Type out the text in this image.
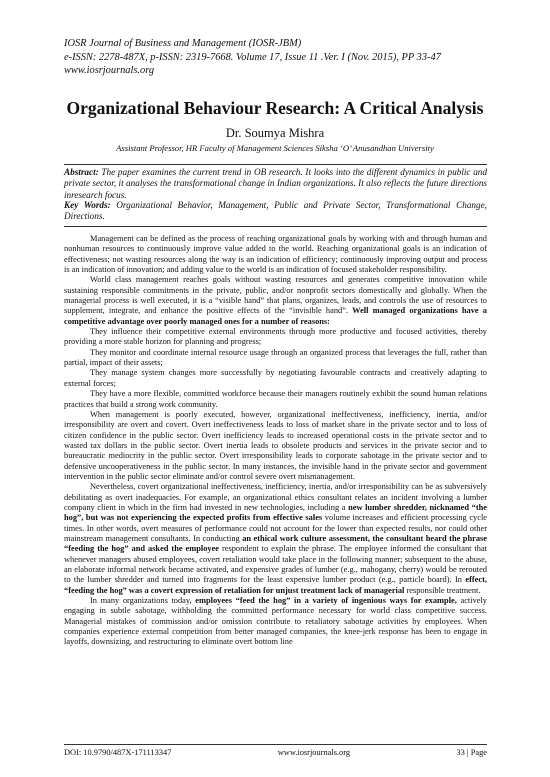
IOSR Journal of Business and Management (IOSR-JBM)
e-ISSN: 2278-487X, p-ISSN: 2319-7668. Volume 17, Issue 11 .Ver. I (Nov. 2015), PP 33-47
www.iosrjournals.org
Organizational Behaviour Research: A Critical Analysis
Dr. Soumya Mishra
Assistant Professor, HR Faculty of Management Sciences Siksha ‘O’ Anusandhan University
Abstract: The paper examines the current trend in OB research. It looks into the different dynamics in public and private sector, it analyses the transformational change in Indian organizations. It also reflects the future directions inresearch focus.
Key Words: Organizational Behavior, Management, Public and Private Sector, Transformational Change, Directions.

Management can be defined as the process of reaching organizational goals by working with and through human and nonhuman resources to continuously improve value added to the world. Reaching organizational goals is an indication of effectiveness; not wasting resources along the way is an indication of efficiency; continuously improving output and process is an indication of innovation; and adding value to the world is an indication of focused stakeholder responsibility.

World class management reaches goals without wasting resources and generates competitive innovation while sustaining responsible commitments in the private, public, and/or nonprofit sectors domestically and globally. When the managerial process is well executed, it is a “visible hand” that plans, organizes, leads, and controls the use of resources to supplement, integrate, and enhance the positive effects of the “invisible hand”. Well managed organizations have a competitive advantage over poorly managed ones for a number of reasons:

They influence their competitive external environments through more productive and focused activities, thereby providing a more stable horizon for planning and progress;

They monitor and coordinate internal resource usage through an organized process that leverages the full, rather than partial, impact of their assets;

They manage system changes more successfully by negotiating favourable contracts and creatively adapting to external forces;

They have a more flexible, committed workforce because their managers routinely exhibit the sound human relations practices that build a strong work community.

When management is poorly executed, however, organizational ineffectiveness, inefficiency, inertia, and/or irresponsibility are overt and covert. Overt ineffectiveness leads to loss of market share in the private sector and to loss of citizen confidence in the public sector. Overt inefficiency leads to increased operational costs in the private sector and to wasted tax dollars in the public sector. Overt inertia leads to obsolete products and services in the private sector and to bureaucratic mediocrity in the public sector. Overt irresponsibility leads to corporate sabotage in the private sector and to defensive uncooperativeness in the public sector. In many instances, the invisible hand in the private sector and government intervention in the public sector eliminate and/or control severe overt mismanagement.

Nevertheless, covert organizational ineffectiveness, inefficiency, inertia, and/or irresponsibility can be as subversively debilitating as overt inadequacies. For example, an organizational ethics consultant relates an incident involving a lumber company client in which in the firm had invested in new technologies, including a new lumber shredder, nicknamed “the hog”, but was not experiencing the expected profits from effective sales volume increases and efficient processing cycle times. In other words, overt measures of performance could not account for the lower than expected results, nor could other mainstream management consultants. In conducting an ethical work culture assessment, the consultant heard the phrase “feeding the hog” and asked the employee respondent to explain the phrase. The employee informed the consultant that whenever managers abused employees, covert retaliation would take place in the following manner; subsequent to the abuse, an elaborate informal network became activated, and expensive grades of lumber (e.g., mahogany, cherry) would be rerouted to the lumber shredder and turned into fragments for the least expensive lumber product (e.g., particle board). In effect, “feeding the hog” was a covert expression of retaliation for unjust treatment lack of managerial responsible treatment.

In many organizations today, employees “feed the hog” in a variety of ingenious ways for example, actively engaging in subtle sabotage, withholding the committed performance necessary for world class competitive success. Managerial mistakes of commission and/or omission contribute to retaliatory sabotage activities by employees. When companies experience external competition from better managed companies, the knee-jerk response has been to engage in layoffs, downsizing, and restructuring to eliminate overt bottom line

DOI: 10.9790/487X-171113347	www.iosrjournals.org	33 | Page
